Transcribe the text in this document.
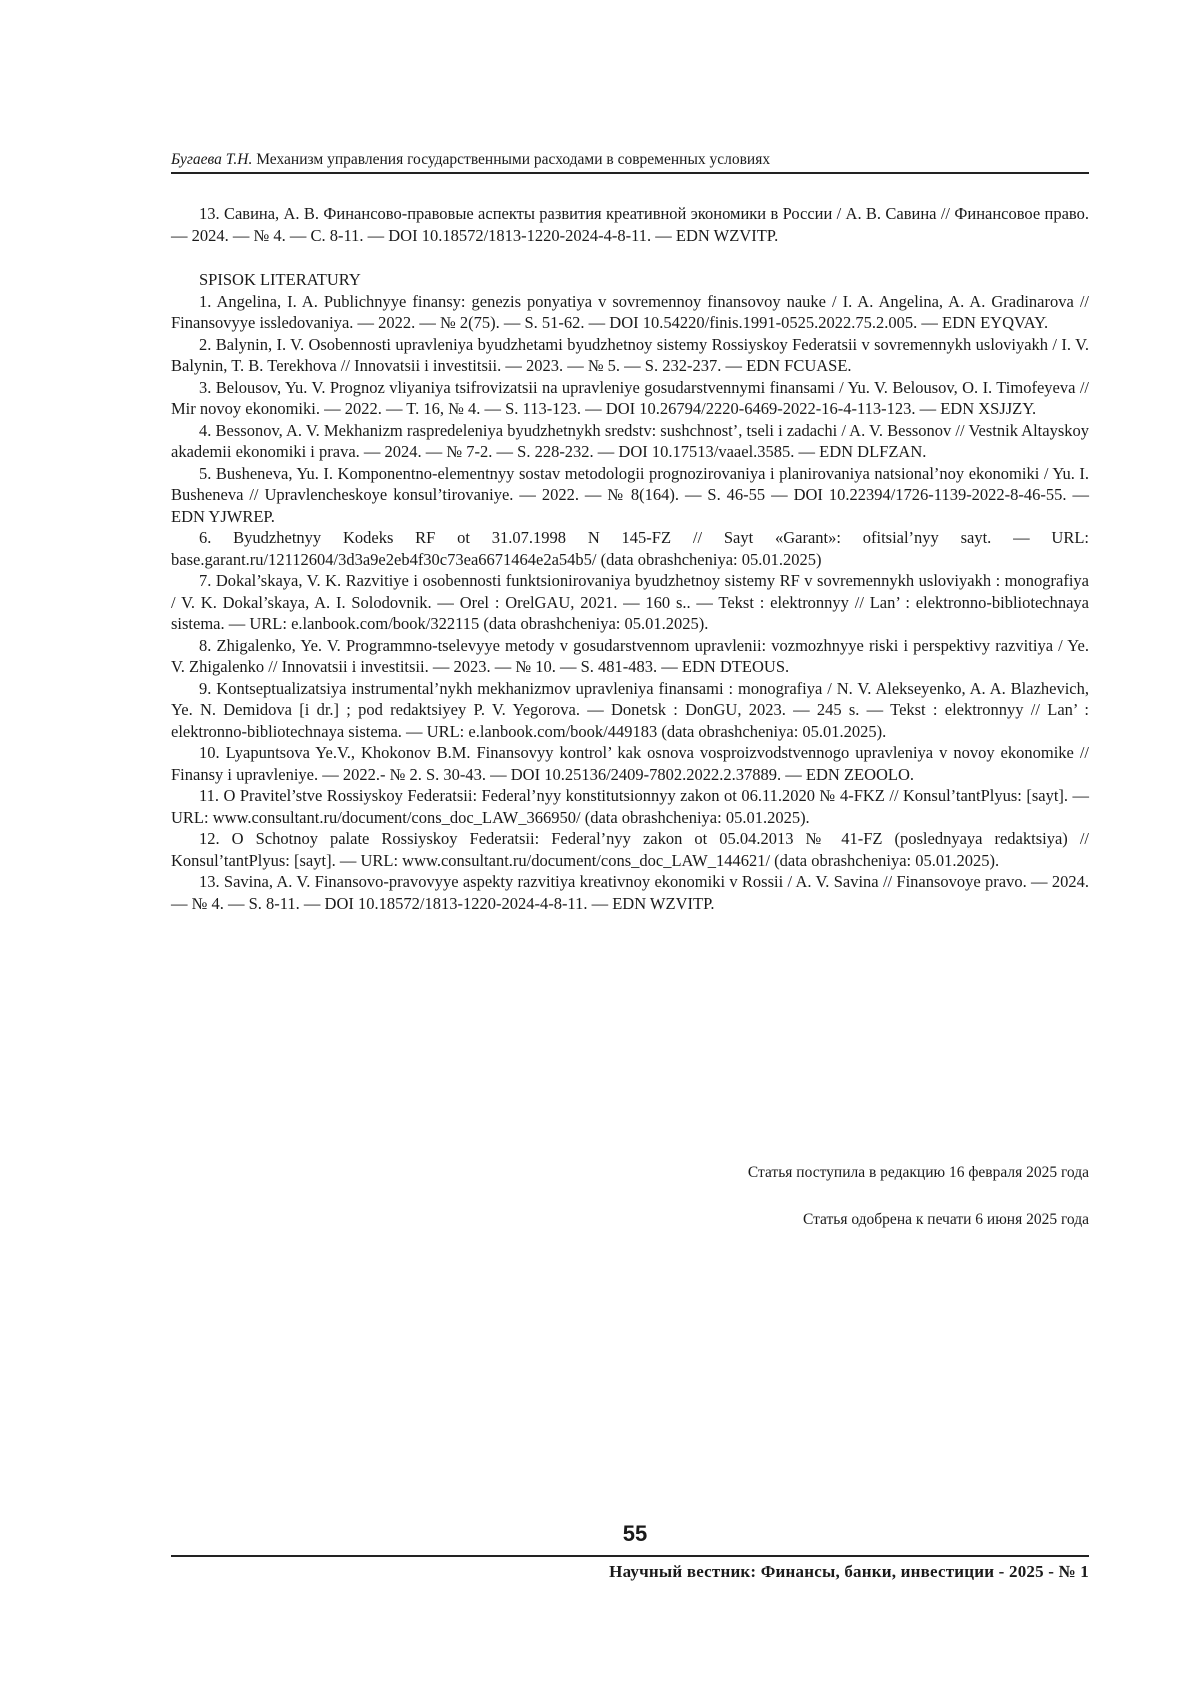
Бугаева Т.Н. Механизм управления государственными расходами в современных условиях

13. Савина, А. В. Финансово-правовые аспекты развития креативной экономики в России / А. В. Савина // Финансовое право. — 2024. — № 4. — С. 8-11. — DOI 10.18572/1813-1220-2024-4-8-11. — EDN WZVITP.

SPISOK LITERATURY

1. Angelina, I. A. Publichnyye finansy: genezis ponyatiya v sovremennoy finansovoy nauke / I. A. Angelina, A. A. Gradinarova // Finansovyye issledovaniya. — 2022. — № 2(75). — S. 51-62. — DOI 10.54220/finis.1991-0525.2022.75.2.005. — EDN EYQVAY.

2. Balynin, I. V. Osobennosti upravleniya byudzhetami byudzhetnoy sistemy Rossiyskoy Federatsii v sovremennykh usloviyakh / I. V. Balynin, T. B. Terekhova // Innovatsii i investitsii. — 2023. — № 5. — S. 232-237. — EDN FCUASE.

3. Belousov, Yu. V. Prognoz vliyaniya tsifrovizatsii na upravleniye gosudarstvennymi finansami / Yu. V. Belousov, O. I. Timofeyeva // Mir novoy ekonomiki. — 2022. — T. 16, № 4. — S. 113-123. — DOI 10.26794/2220-6469-2022-16-4-113-123. — EDN XSJJZY.

4. Bessonov, A. V. Mekhanizm raspredeleniya byudzhetnykh sredstv: sushchnost’, tseli i zadachi / A. V. Bessonov // Vestnik Altayskoy akademii ekonomiki i prava. — 2024. — № 7-2. — S. 228-232. — DOI 10.17513/vaael.3585. — EDN DLFZAN.

5. Busheneva, Yu. I. Komponentno-elementnyy sostav metodologii prognozirovaniya i planirovaniya natsional’noy ekonomiki / Yu. I. Busheneva // Upravlencheskoye konsul’tirovaniye. — 2022. — № 8(164). — S. 46-55 — DOI 10.22394/1726-1139-2022-8-46-55. — EDN YJWREP.

6. Byudzhetnyy Kodeks RF ot 31.07.1998 N 145-FZ // Sayt «Garant»: ofitsial’nyy sayt. — URL: base.garant.ru/12112604/3d3a9e2eb4f30c73ea6671464e2a54b5/ (data obrashcheniya: 05.01.2025)

7. Dokal’skaya, V. K. Razvitiye i osobennosti funktsionirovaniya byudzhetnoy sistemy RF v sovremennykh usloviyakh : monografiya / V. K. Dokal’skaya, A. I. Solodovnik. — Orel : OrelGAU, 2021. — 160 s.. — Tekst : elektronnyy // Lan’ : elektronno-bibliotechnaya sistema. — URL: e.lanbook.com/book/322115 (data obrashcheniya: 05.01.2025).

8. Zhigalenko, Ye. V. Programmno-tselevyye metody v gosudarstvennom upravlenii: vozmozhnyye riski i perspektivy razvitiya / Ye. V. Zhigalenko // Innovatsii i investitsii. — 2023. — № 10. — S. 481-483. — EDN DTEOUS.

9. Kontseptualizatsiya instrumental’nykh mekhanizmov upravleniya finansami : monografiya / N. V. Alekseyenko, A. A. Blazhevich, Ye. N. Demidova [i dr.] ; pod redaktsiyey P. V. Yegorova. — Donetsk : DonGU, 2023. — 245 s. — Tekst : elektronnyy // Lan’ : elektronno-bibliotechnaya sistema. — URL: e.lanbook.com/book/449183 (data obrashcheniya: 05.01.2025).

10. Lyapuntsova Ye.V., Khokonov B.M. Finansovyy kontrol’ kak osnova vosproizvodstvennogo upravleniya v novoy ekonomike // Finansy i upravleniye. — 2022.- № 2. S. 30-43. — DOI 10.25136/2409-7802.2022.2.37889. — EDN ZEOOLO.

11. O Pravitel’stve Rossiyskoy Federatsii: Federal’nyy konstitutsionnyy zakon ot 06.11.2020 № 4-FKZ // Konsul’tantPlyus: [sayt]. — URL: www.consultant.ru/document/cons_doc_LAW_366950/ (data obrashcheniya: 05.01.2025).

12. O Schotnoy palate Rossiyskoy Federatsii: Federal’nyy zakon ot 05.04.2013 № 41-FZ (poslednyaya redaktsiya) // Konsul’tantPlyus: [sayt]. — URL: www.consultant.ru/document/cons_doc_LAW_144621/ (data obrashcheniya: 05.01.2025).

13. Savina, A. V. Finansovo-pravovyye aspekty razvitiya kreativnoy ekonomiki v Rossii / A. V. Savina // Finansovoye pravo. — 2024. — № 4. — S. 8-11. — DOI 10.18572/1813-1220-2024-4-8-11. — EDN WZVITP.

Статья поступила в редакцию 16 февраля 2025 года
Статья одобрена к печати 6 июня 2025 года
55
Научный вестник: Финансы, банки, инвестиции - 2025 - № 1
